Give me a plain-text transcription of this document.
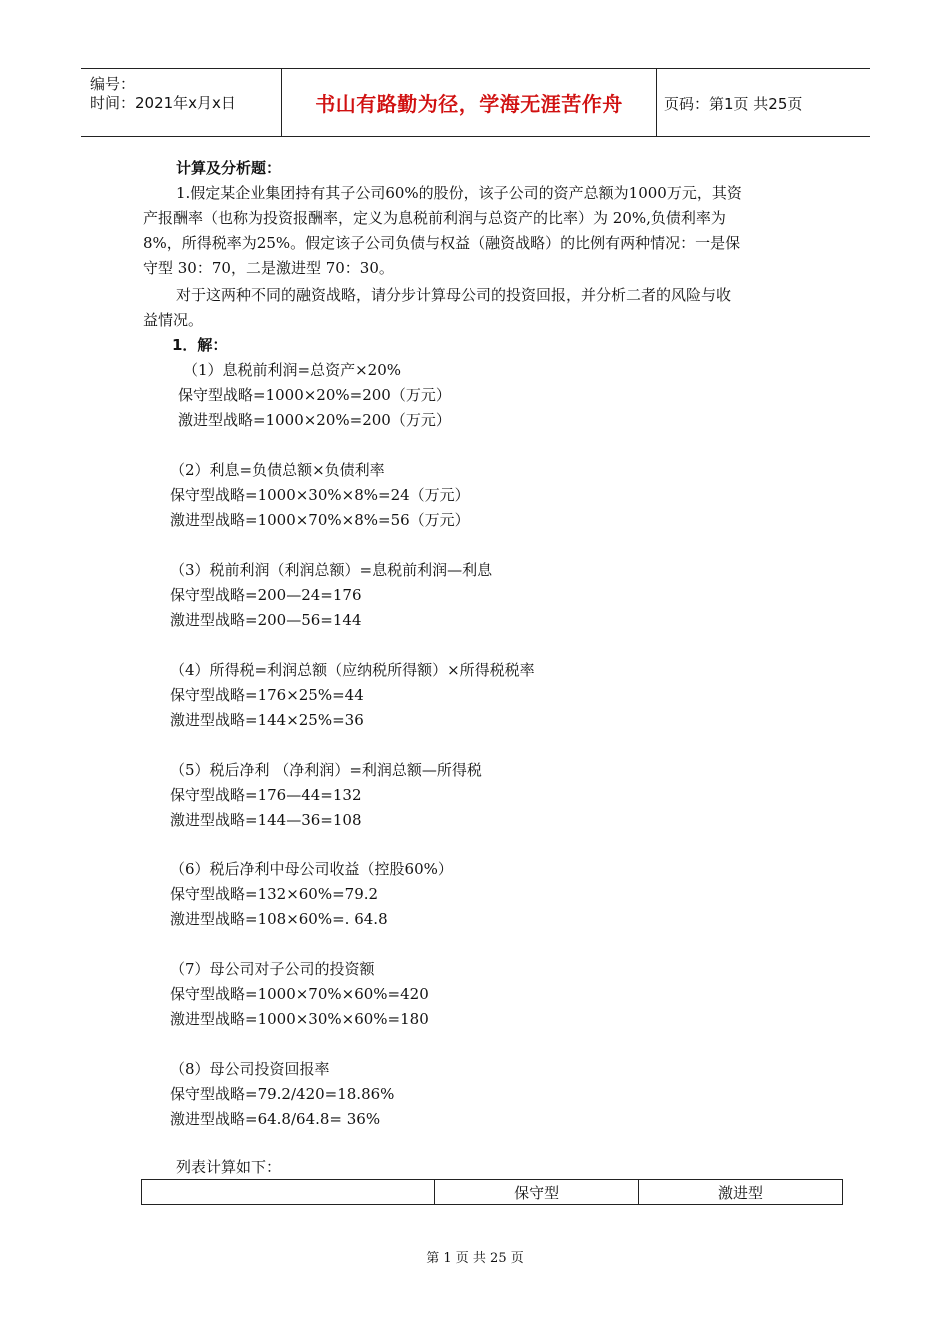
编号：
时间：2021年x月x日	书山有路勤为径，学海无涯苦作舟	页码：第1页 共25页
计算及分析题：
1.假定某企业集团持有其子公司60%的股份，该子公司的资产总额为1000万元，其资
产报酬率（也称为投资报酬率，定义为息税前利润与总资产的比率）为 20%,负债利率为
8%，所得税率为25%。假定该子公司负债与权益（融资战略）的比例有两种情况：一是保
守型 30：70，二是激进型 70：30。
对于这两种不同的融资战略，请分步计算母公司的投资回报，并分析二者的风险与收
益情况。
1．解：
（1）息税前利润=总资产×20%
保守型战略=1000×20%=200（万元）
激进型战略=1000×20%=200（万元）
（2）利息=负债总额×负债利率
保守型战略=1000×30%×8%=24（万元）
激进型战略=1000×70%×8%=56（万元）
（3）税前利润（利润总额）=息税前利润—利息
保守型战略=200—24=176
激进型战略=200—56=144
（4）所得税=利润总额（应纳税所得额）×所得税税率
保守型战略=176×25%=44
激进型战略=144×25%=36
（5）税后净利 （净利润）=利润总额—所得税
保守型战略=176—44=132
激进型战略=144—36=108
（6）税后净利中母公司收益（控股60%）
保守型战略=132×60%=79.2
激进型战略=108×60%=. 64.8
（7）母公司对子公司的投资额
保守型战略=1000×70%×60%=420
激进型战略=1000×30%×60%=180
（8）母公司投资回报率
保守型战略=79.2/420=18.86%
激进型战略=64.8/64.8= 36%
列表计算如下：
	保守型	激进型
第 1 页 共 25 页
